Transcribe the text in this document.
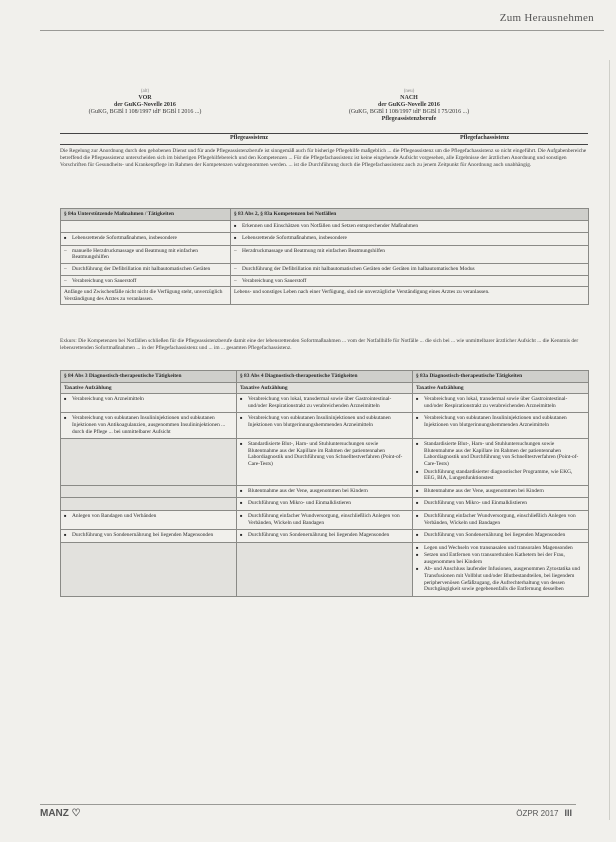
Zum Herausnehmen
(alt)
VOR
der GuKG-Novelle 2016
(GuKG, BGBl I 108/1997 idF BGBl I 2016 ...)
(neu)
NACH
der GuKG-Novelle 2016
(GuKG, BGBl I 108/1997 idF BGBl I 75/2016 ...)
Pflegeassistenzberufe
Pflegeassistenz	Pflegefachassistenz
Die Regelung zur Anordnung durch den gehobenen Dienst und für ande Pflegeassistenzberufe ist sinngemäß auch für bisherige Pflegehilfe maßgeblich ... die Pflegeassistenz um die Pflegefachassistenz so nicht eingeführt. Die Aufgabenbereiche betreffend die Pflegeassistenz unterscheiden sich im bisherigen Pflegehilfebereich und den Kompetenzen ... Für die Pflegefachassistenz ist keine eingehende Aufsicht vorgesehen, alle Ergebnisse der ärztlichen Anordnung und sonstigen Vorschriften für Gesundheits- und Krankenpflege im Rahmen der Kompetenzen wahrgenommen werden. ... ist die Durchführung durch die Pflegefachassistenz auch zu jenem Zeitpunkt für Anordnung auch unabhängig.
§ 84a Unterstützende Maßnahmen / Tätigkeiten	§ 83 Abs 2, § 83a Kompetenzen bei Notfällen

	■ Erkennen und Einschätzen von Notfällen und Setzen entsprechender Maßnahmen

■ Lebensrettende Sofortmaßnahmen, insbesondere	■ Lebensrettende Sofortmaßnahmen, insbesondere

– manuelle Herzdruckmassage und Beatmung mit einfachen Beatmungshilfen	– Herzdruckmassage und Beatmung mit einfachen Beatmungshilfen

– Durchführung der Defibrillation mit halbautomatischen Geräten	– Durchführung der Defibrillation mit halbautomatischen Geräten oder Geräten im halbautomatischen Modus

– Verabreichung von Sauerstoff	– Verabreichung von Sauerstoff

Anfänge und Zwischenfälle nicht nicht die Verfügung steht, unverzüglich Verständigung des Arztes zu veranlassen.	Lebens- und sonstiges Leben nach einer Verfügung, sind sie unverzügliche Verständigung eines Arztes zu veranlassen.
Exkurs: Die Kompetenzen bei Notfällen schließen für die Pflegeassistenzberufe damit eine der lebensrettenden Sofortmaßnahmen ... vom der Notfallhilfe für Notfälle ... die sich bei ... wie unmittelbarer ärztlicher Aufsicht ... die Kenntnis der lebensrettenden Sofortmaßnahmen ... in der Pflegefachassistenz und ... im ... gesamten Pflegefachassistenz.
§ 84 Abs 3 Diagnostisch-therapeutische Tätigkeiten	§ 83 Abs 4 Diagnostisch-therapeutische Tätigkeiten	§ 83a Diagnostisch-therapeutische Tätigkeiten
Taxative Aufzählung	Taxative Aufzählung	Taxative Aufzählung

■ Verabreichung von Arzneimitteln	■ Verabreichung von lokal, transdermal sowie über Gastrointestinal- und/oder Respirationstrakt zu verabreichenden Arzneimitteln	■ Verabreichung von lokal, transdermal sowie über Gastrointestinal- und/oder Respirationstrakt zu verabreichenden Arzneimitteln

■ Verabreichung von subkutanen Insulininjektionen und subkutanen Injektionen von Antikoagulanzien, ausgenommen Insulininjektionen ... durch die Pflege ... bei unmittelbarer Aufsicht	■ Verabreichung von subkutanen Insulininjektionen und subkutanen Injektionen von blutgerinnungshemmenden Arzneimitteln	■ Verabreichung von subkutanen Insulininjektionen und subkutanen Injektionen von blutgerinnungshemmenden Arzneimitteln

	■ Standardisierte Blut-, Harn- und Stuhluntersuchungen sowie Blutentnahme aus der Kapillare im Rahmen der patientennahen Labordiagnostik und Durchführung von Schnelltestverfahren (Point-of-Care-Tests)	■ Standardisierte Blut-, Harn- und Stuhluntersuchungen sowie Blutentnahme aus der Kapillare im Rahmen der patientennahen Labordiagnostik und Durchführung von Schnelltestverfahren (Point-of-Care-Tests)
■ Durchführung standardisierter diagnostischer Programme, wie EKG, EEG, BIA, Lungenfunktionstest

	■ Blutentnahme aus der Vene, ausgenommen bei Kindern	■ Blutentnahme aus der Vene, ausgenommen bei Kindern

	■ Durchführung von Mikro- und Einmalklistieren	■ Durchführung von Mikro- und Einmalklistieren

■ Anlegen von Bandagen und Verbänden	■ Durchführung einfacher Wundversorgung, einschließlich Anlegen von Verbänden, Wickeln und Bandagen	■ Durchführung einfacher Wundversorgung, einschließlich Anlegen von Verbänden, Wickeln und Bandagen

■ Durchführung von Sondenernährung bei liegenden Magensonden	■ Durchführung von Sondenernährung bei liegenden Magensonden	■ Durchführung von Sondenernährung bei liegenden Magensonden

		■ Legen und Wechseln von transnasalen und transoralen Magensonden
■ Setzen und Entfernen von transurethralen Kathetern bei der Frau, ausgenommen bei Kindern
■ Ab- und Anschluss laufender Infusionen, ausgenommen Zytostatika und Transfusionen mit Vollblut und/oder Blutbestandteilen, bei liegendem periphervenösen Gefäßzugang, die Aufrechterhaltung von dessen Durchgängigkeit sowie gegebenenfalls die Entfernung desselben
MANZ ♡	ÖZPR 2017 III
